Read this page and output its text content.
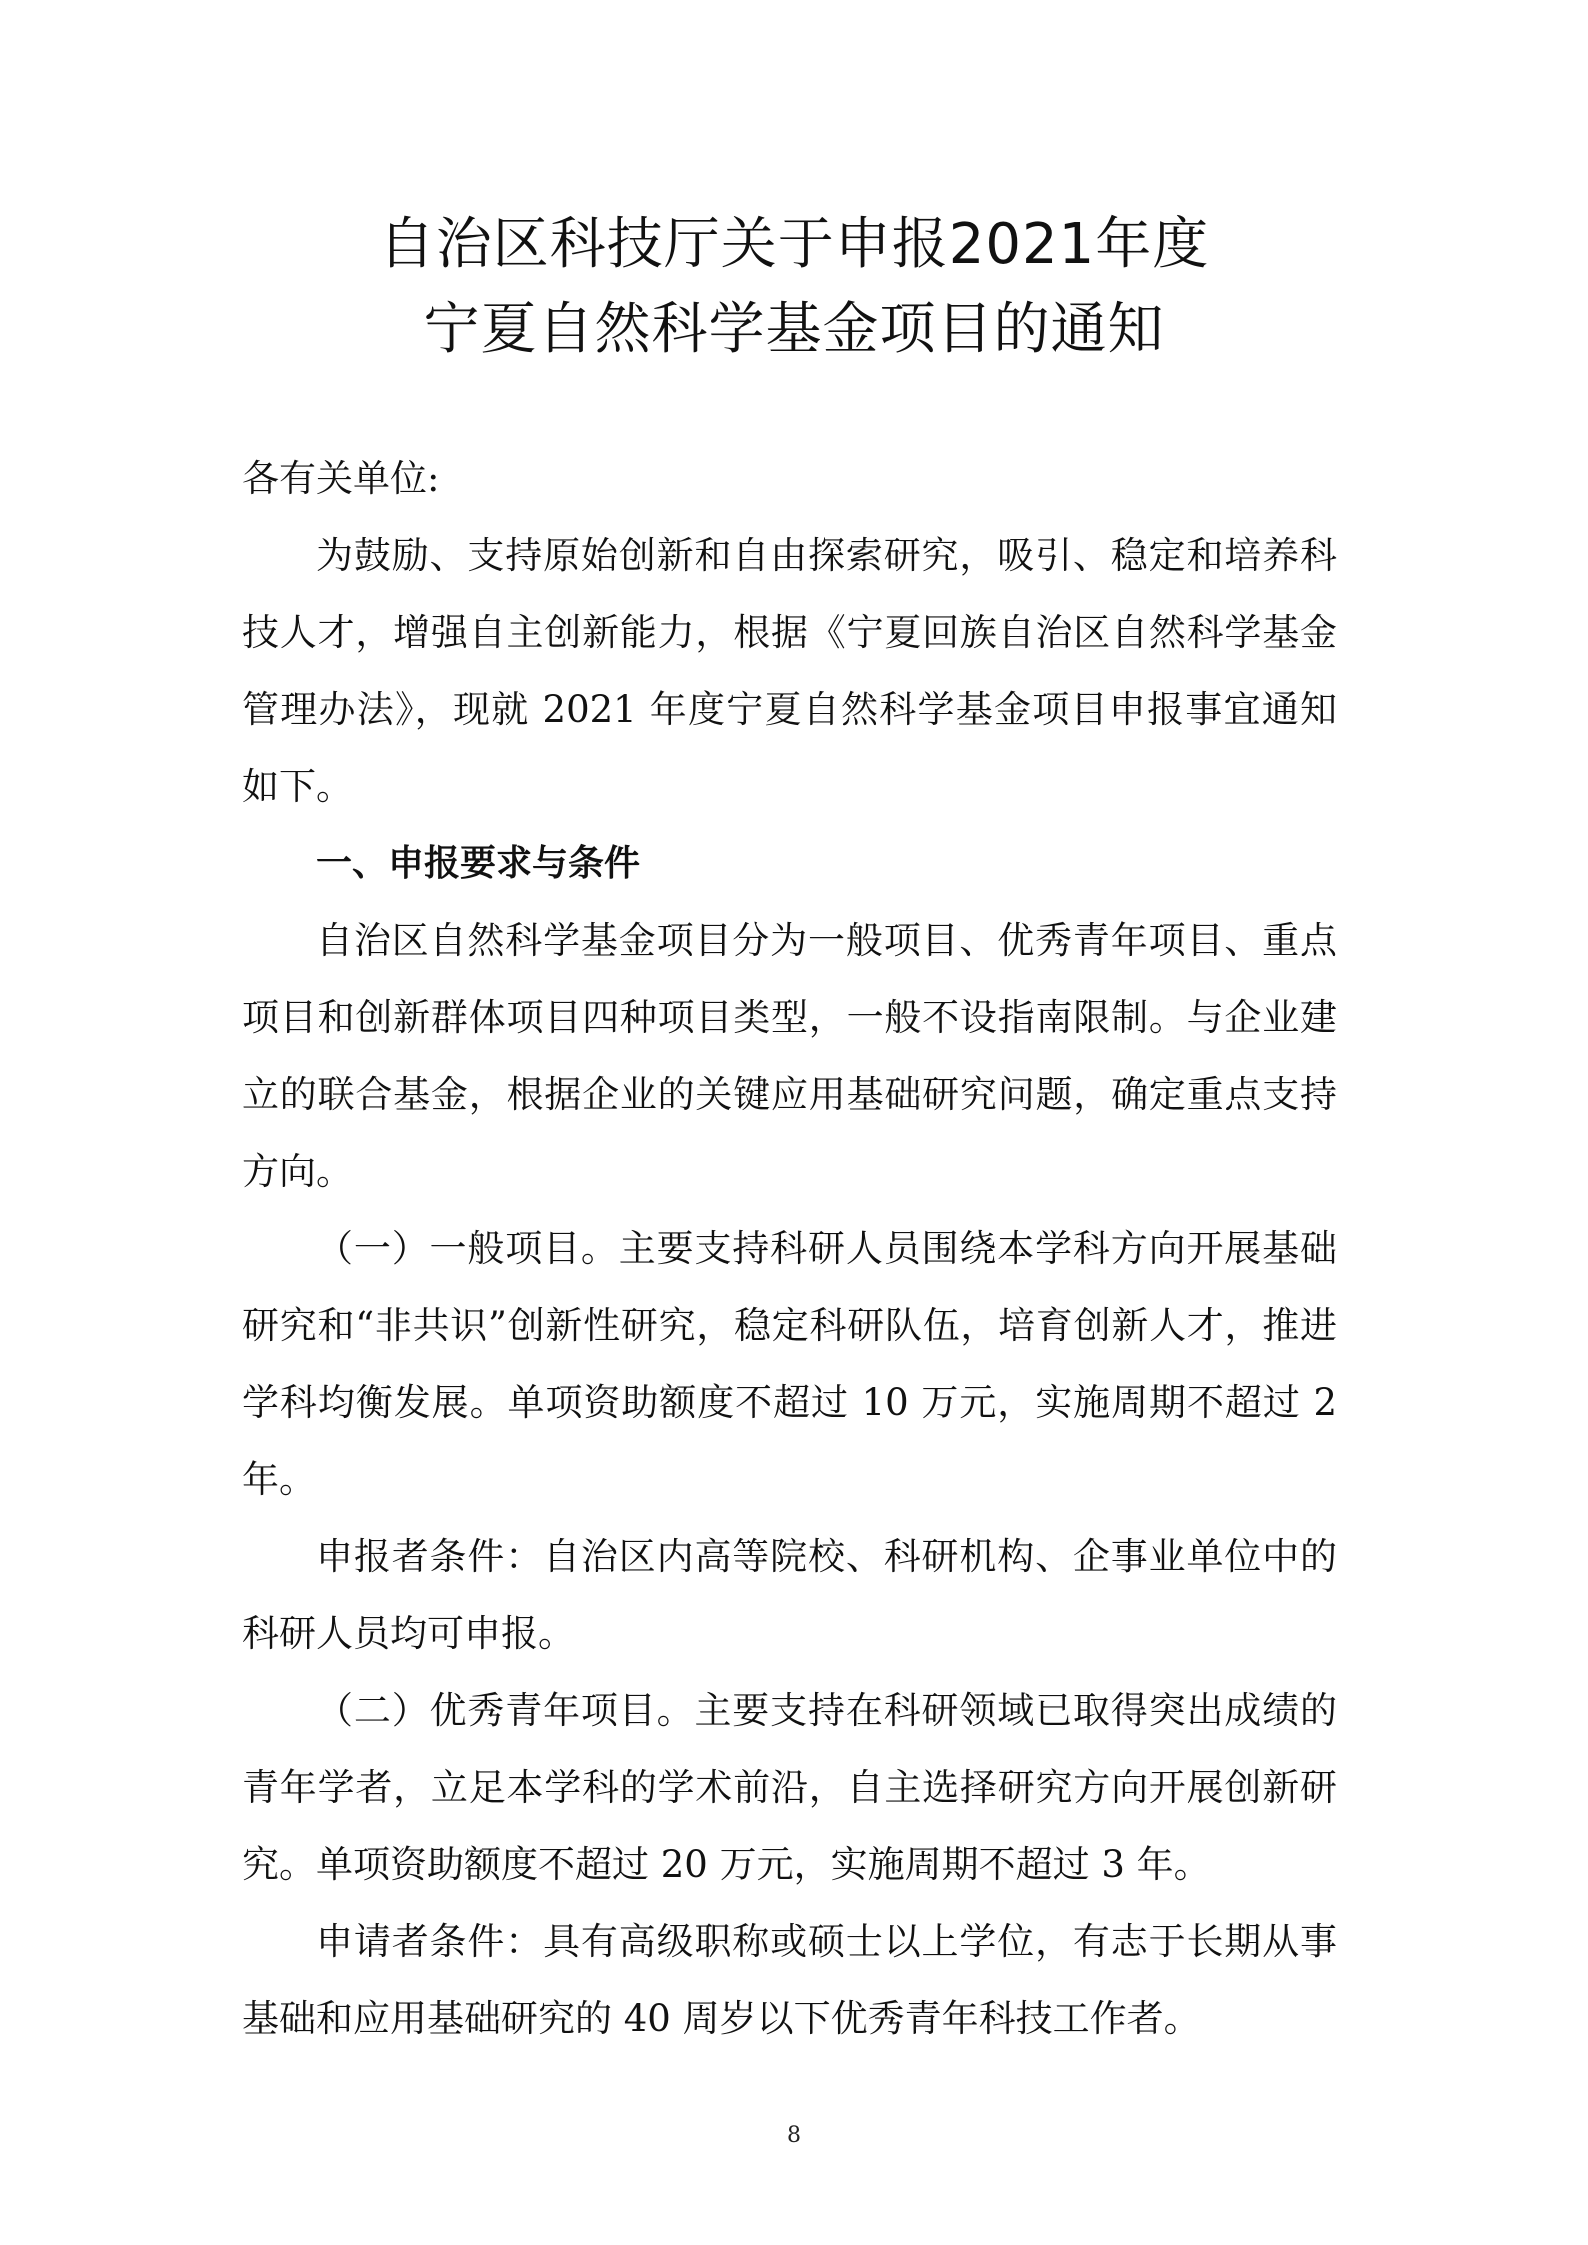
自治区科技厅关于申报2021年度
宁夏自然科学基金项目的通知

各有关单位:

为鼓励、支持原始创新和自由探索研究，吸引、稳定和培养科技人才，增强自主创新能力，根据《宁夏回族自治区自然科学基金管理办法》，现就 2021 年度宁夏自然科学基金项目申报事宜通知如下。

一、申报要求与条件

自治区自然科学基金项目分为一般项目、优秀青年项目、重点项目和创新群体项目四种项目类型，一般不设指南限制。与企业建立的联合基金，根据企业的关键应用基础研究问题，确定重点支持方向。

（一）一般项目。主要支持科研人员围绕本学科方向开展基础研究和“非共识”创新性研究，稳定科研队伍，培育创新人才，推进学科均衡发展。单项资助额度不超过 10 万元，实施周期不超过 2 年。

申报者条件：自治区内高等院校、科研机构、企事业单位中的科研人员均可申报。

（二）优秀青年项目。主要支持在科研领域已取得突出成绩的青年学者，立足本学科的学术前沿，自主选择研究方向开展创新研究。单项资助额度不超过 20 万元，实施周期不超过 3 年。

申请者条件：具有高级职称或硕士以上学位，有志于长期从事基础和应用基础研究的 40 周岁以下优秀青年科技工作者。

8
